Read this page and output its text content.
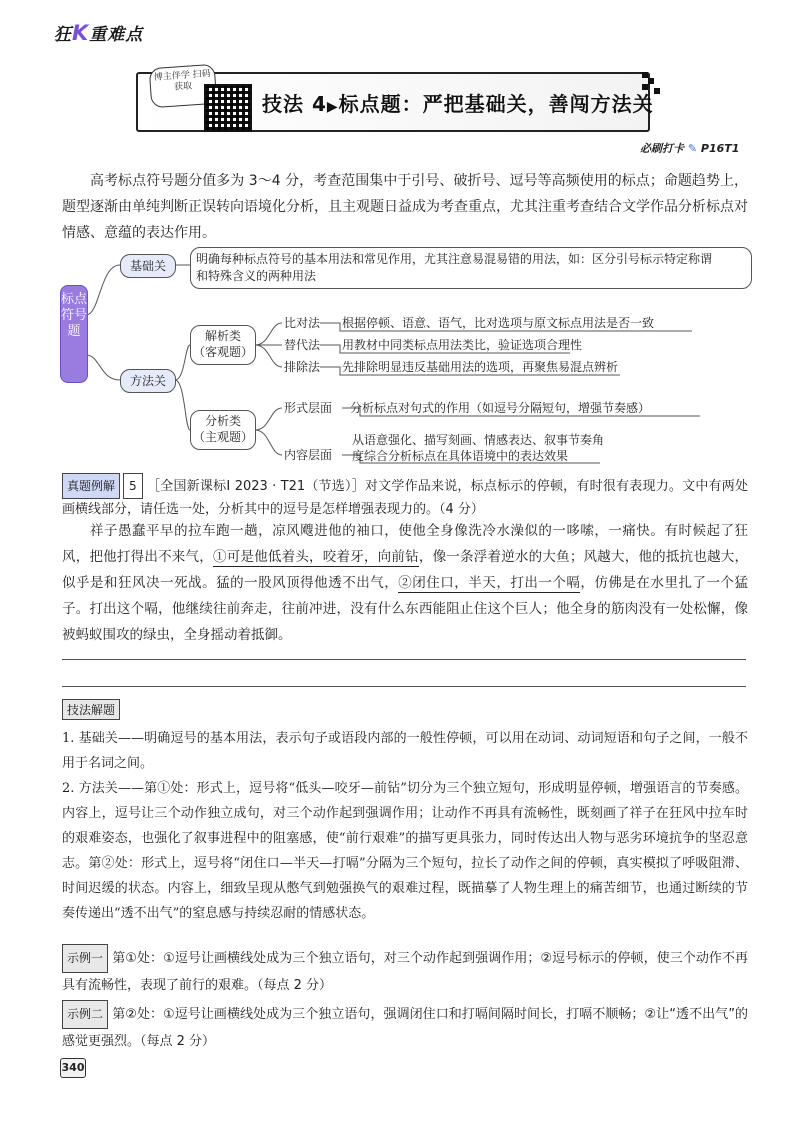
狂K重难点
博主伴学 扫码获取
技法 4▶标点题：严把基础关，善闯方法关
必刷打卡 ✎ P16T1
高考标点符号题分值多为 3～4 分，考查范围集中于引号、破折号、逗号等高频使用的标点；命题趋势上，题型逐渐由单纯判断正误转向语境化分析，且主观题日益成为考查重点，尤其注重考查结合文学作品分析标点对情感、意蕴的表达作用。
标点符号题
基础关	明确每种标点符号的基本用法和常见作用，尤其注意易混易错的用法，如：区分引号标示特定称谓
和特殊含义的两种用法
方法关
解析类
（客观题）
比对法 根据停顿、语意、语气，比对选项与原文标点用法是否一致
替代法 用教材中同类标点用法类比，验证选项合理性
排除法 先排除明显违反基础用法的选项，再聚焦易混点辨析
分析类
（主观题）
形式层面 分析标点对句式的作用（如逗号分隔短句，增强节奏感）
内容层面
从语意强化、描写刻画、情感表达、叙事节奏角
度综合分析标点在具体语境中的表达效果
真题例解 5 ［全国新课标Ⅰ 2023 · T21（节选）］对文学作品来说，标点标示的停顿，有时很有表现力。文中有两处画横线部分，请任选一处，分析其中的逗号是怎样增强表现力的。（4 分）
祥子愚蠢平早的拉车跑一趟，凉风飕进他的袖口，使他全身像洗冷水澡似的一哆嗦，一痛快。有时候起了狂风，把他打得出不来气，①可是他低着头，咬着牙，向前钻，像一条浮着逆水的大鱼；风越大，他的抵抗也越大，似乎是和狂风决一死战。猛的一股风顶得他透不出气，②闭住口，半天，打出一个嗝，仿佛是在水里扎了一个猛子。打出这个嗝，他继续往前奔走，往前冲进，没有什么东西能阻止住这个巨人；他全身的筋肉没有一处松懈，像被蚂蚁围攻的绿虫，全身摇动着抵御。
技法解题
1. 基础关——明确逗号的基本用法，表示句子或语段内部的一般性停顿，可以用在动词、动词短语和句子之间，一般不用于名词之间。
2. 方法关——第①处：形式上，逗号将“低头—咬牙—前钻”切分为三个独立短句，形成明显停顿，增强语言的节奏感。内容上，逗号让三个动作独立成句，对三个动作起到强调作用；让动作不再具有流畅性，既刻画了祥子在狂风中拉车时的艰难姿态，也强化了叙事进程中的阻塞感，使“前行艰难”的描写更具张力，同时传达出人物与恶劣环境抗争的坚忍意志。第②处：形式上，逗号将“闭住口—半天—打嗝”分隔为三个短句，拉长了动作之间的停顿，真实模拟了呼吸阻滞、时间迟缓的状态。内容上，细致呈现从憋气到勉强换气的艰难过程，既描摹了人物生理上的痛苦细节，也通过断续的节奏传递出“透不出气”的窒息感与持续忍耐的情感状态。
示例一 第①处：①逗号让画横线处成为三个独立语句，对三个动作起到强调作用；②逗号标示的停顿，使三个动作不再具有流畅性，表现了前行的艰难。（每点 2 分）
示例二 第②处：①逗号让画横线处成为三个独立语句，强调闭住口和打嗝间隔时间长，打嗝不顺畅；②让“透不出气”的感觉更强烈。（每点 2 分）
340
